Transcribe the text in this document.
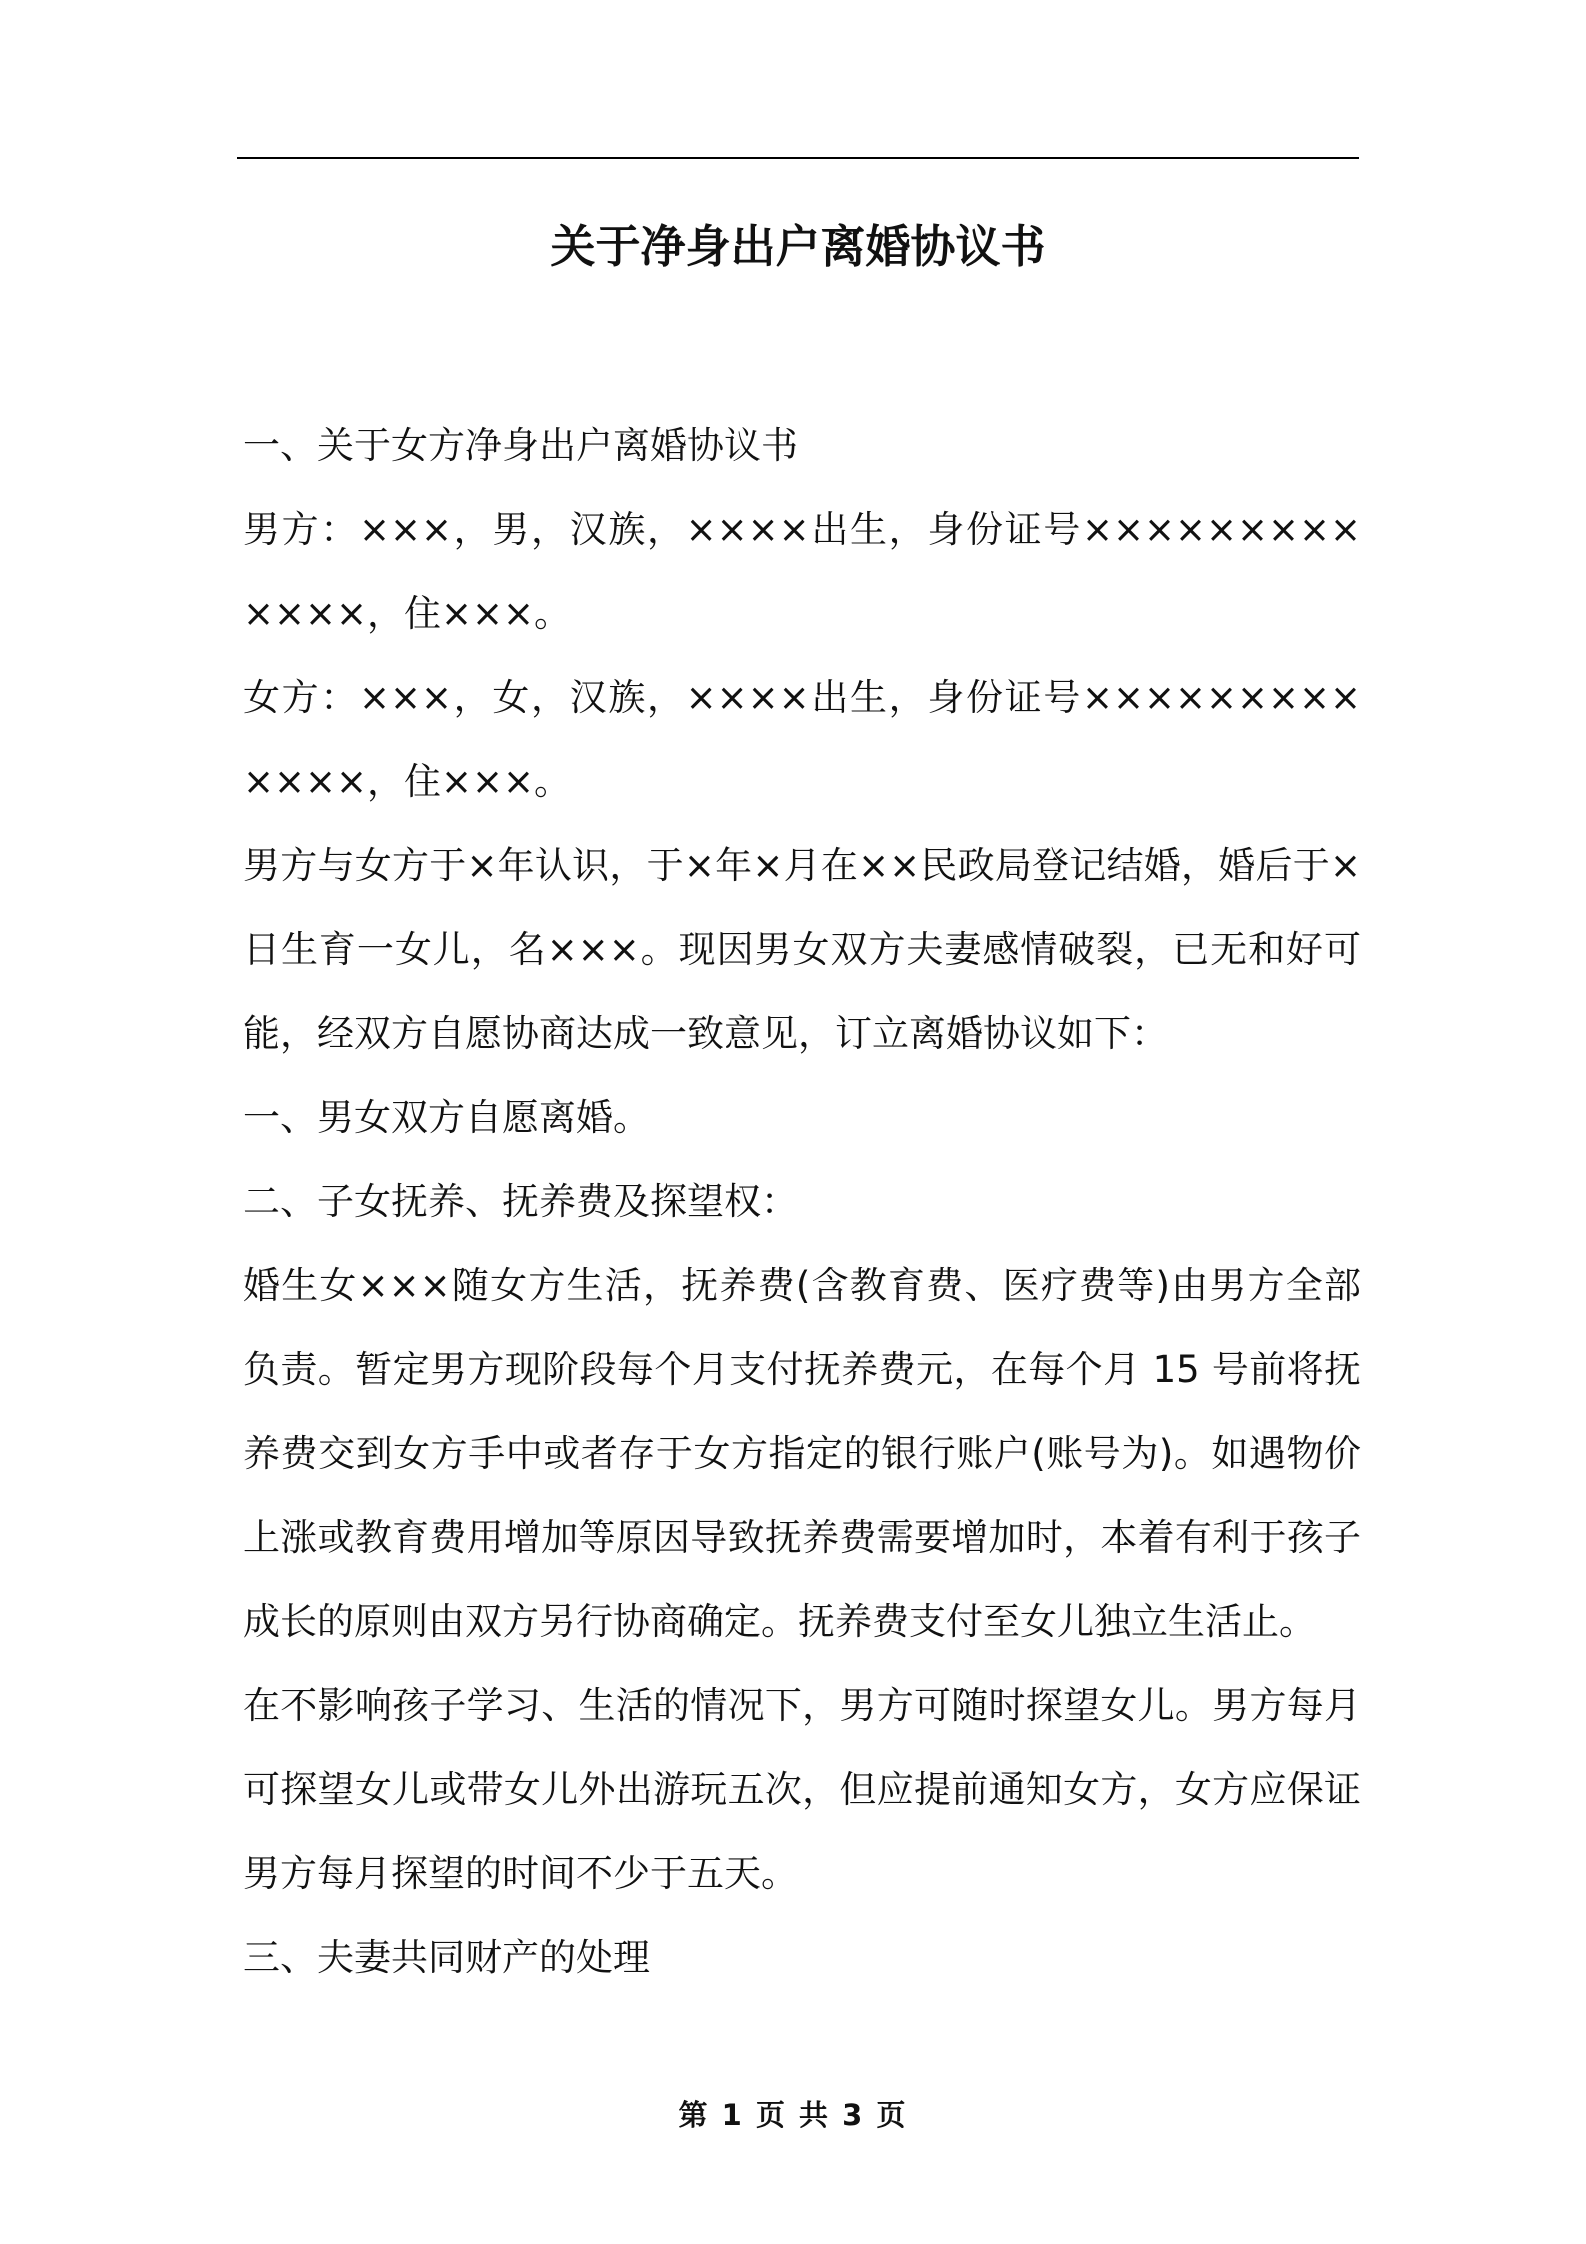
关于净身出户离婚协议书

一、关于女方净身出户离婚协议书

男方：×××，男，汉族，××××出生，身份证号×××××××××××××，住×××。

女方：×××，女，汉族，××××出生，身份证号×××××××××××××，住×××。

男方与女方于×年认识，于×年×月在××民政局登记结婚，婚后于×日生育一女儿，名×××。现因男女双方夫妻感情破裂，已无和好可能，经双方自愿协商达成一致意见，订立离婚协议如下：

一、男女双方自愿离婚。

二、子女抚养、抚养费及探望权：

婚生女×××随女方生活，抚养费(含教育费、医疗费等)由男方全部负责。暂定男方现阶段每个月支付抚养费元，在每个月 15 号前将抚养费交到女方手中或者存于女方指定的银行账户(账号为)。如遇物价上涨或教育费用增加等原因导致抚养费需要增加时，本着有利于孩子成长的原则由双方另行协商确定。抚养费支付至女儿独立生活止。

在不影响孩子学习、生活的情况下，男方可随时探望女儿。男方每月可探望女儿或带女儿外出游玩五次，但应提前通知女方，女方应保证男方每月探望的时间不少于五天。

三、夫妻共同财产的处理

第 1 页 共 3 页
